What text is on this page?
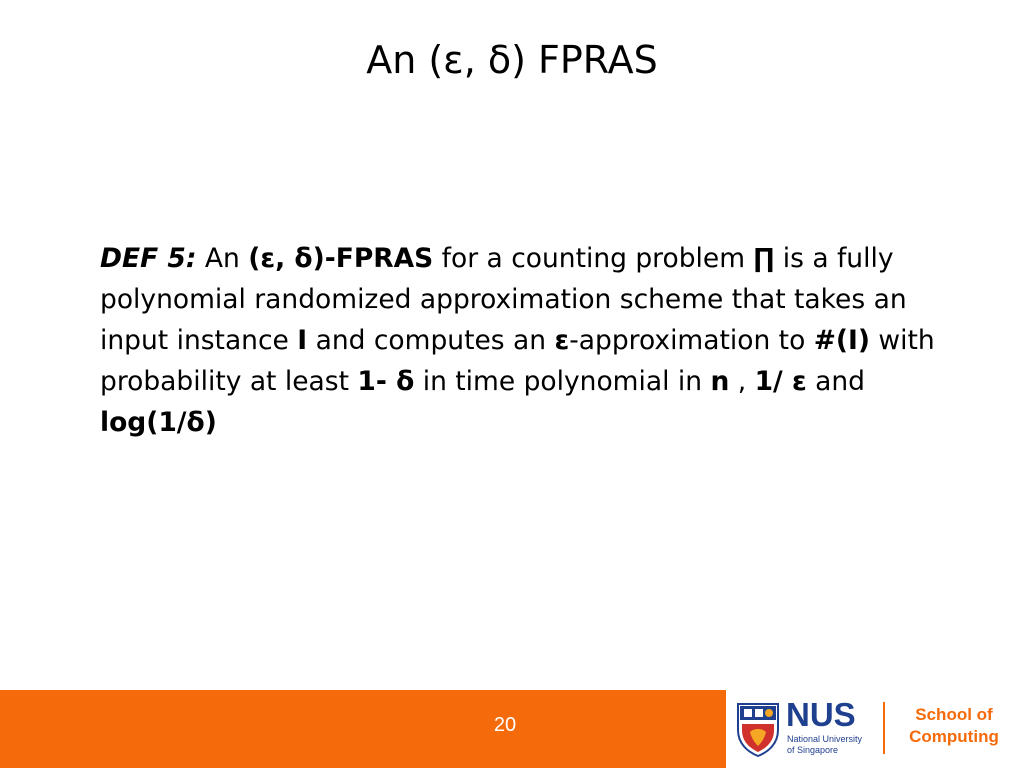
An (ε, δ) FPRAS
DEF 5: An (ε, δ)-FPRAS for a counting problem ∏ is a fully polynomial randomized approximation scheme that takes an input instance I and computes an ε-approximation to #(I) with probability at least 1- δ in time polynomial in n , 1/ ε and
log(1/δ)
20	NUS
National University
of Singapore
School of
Computing
